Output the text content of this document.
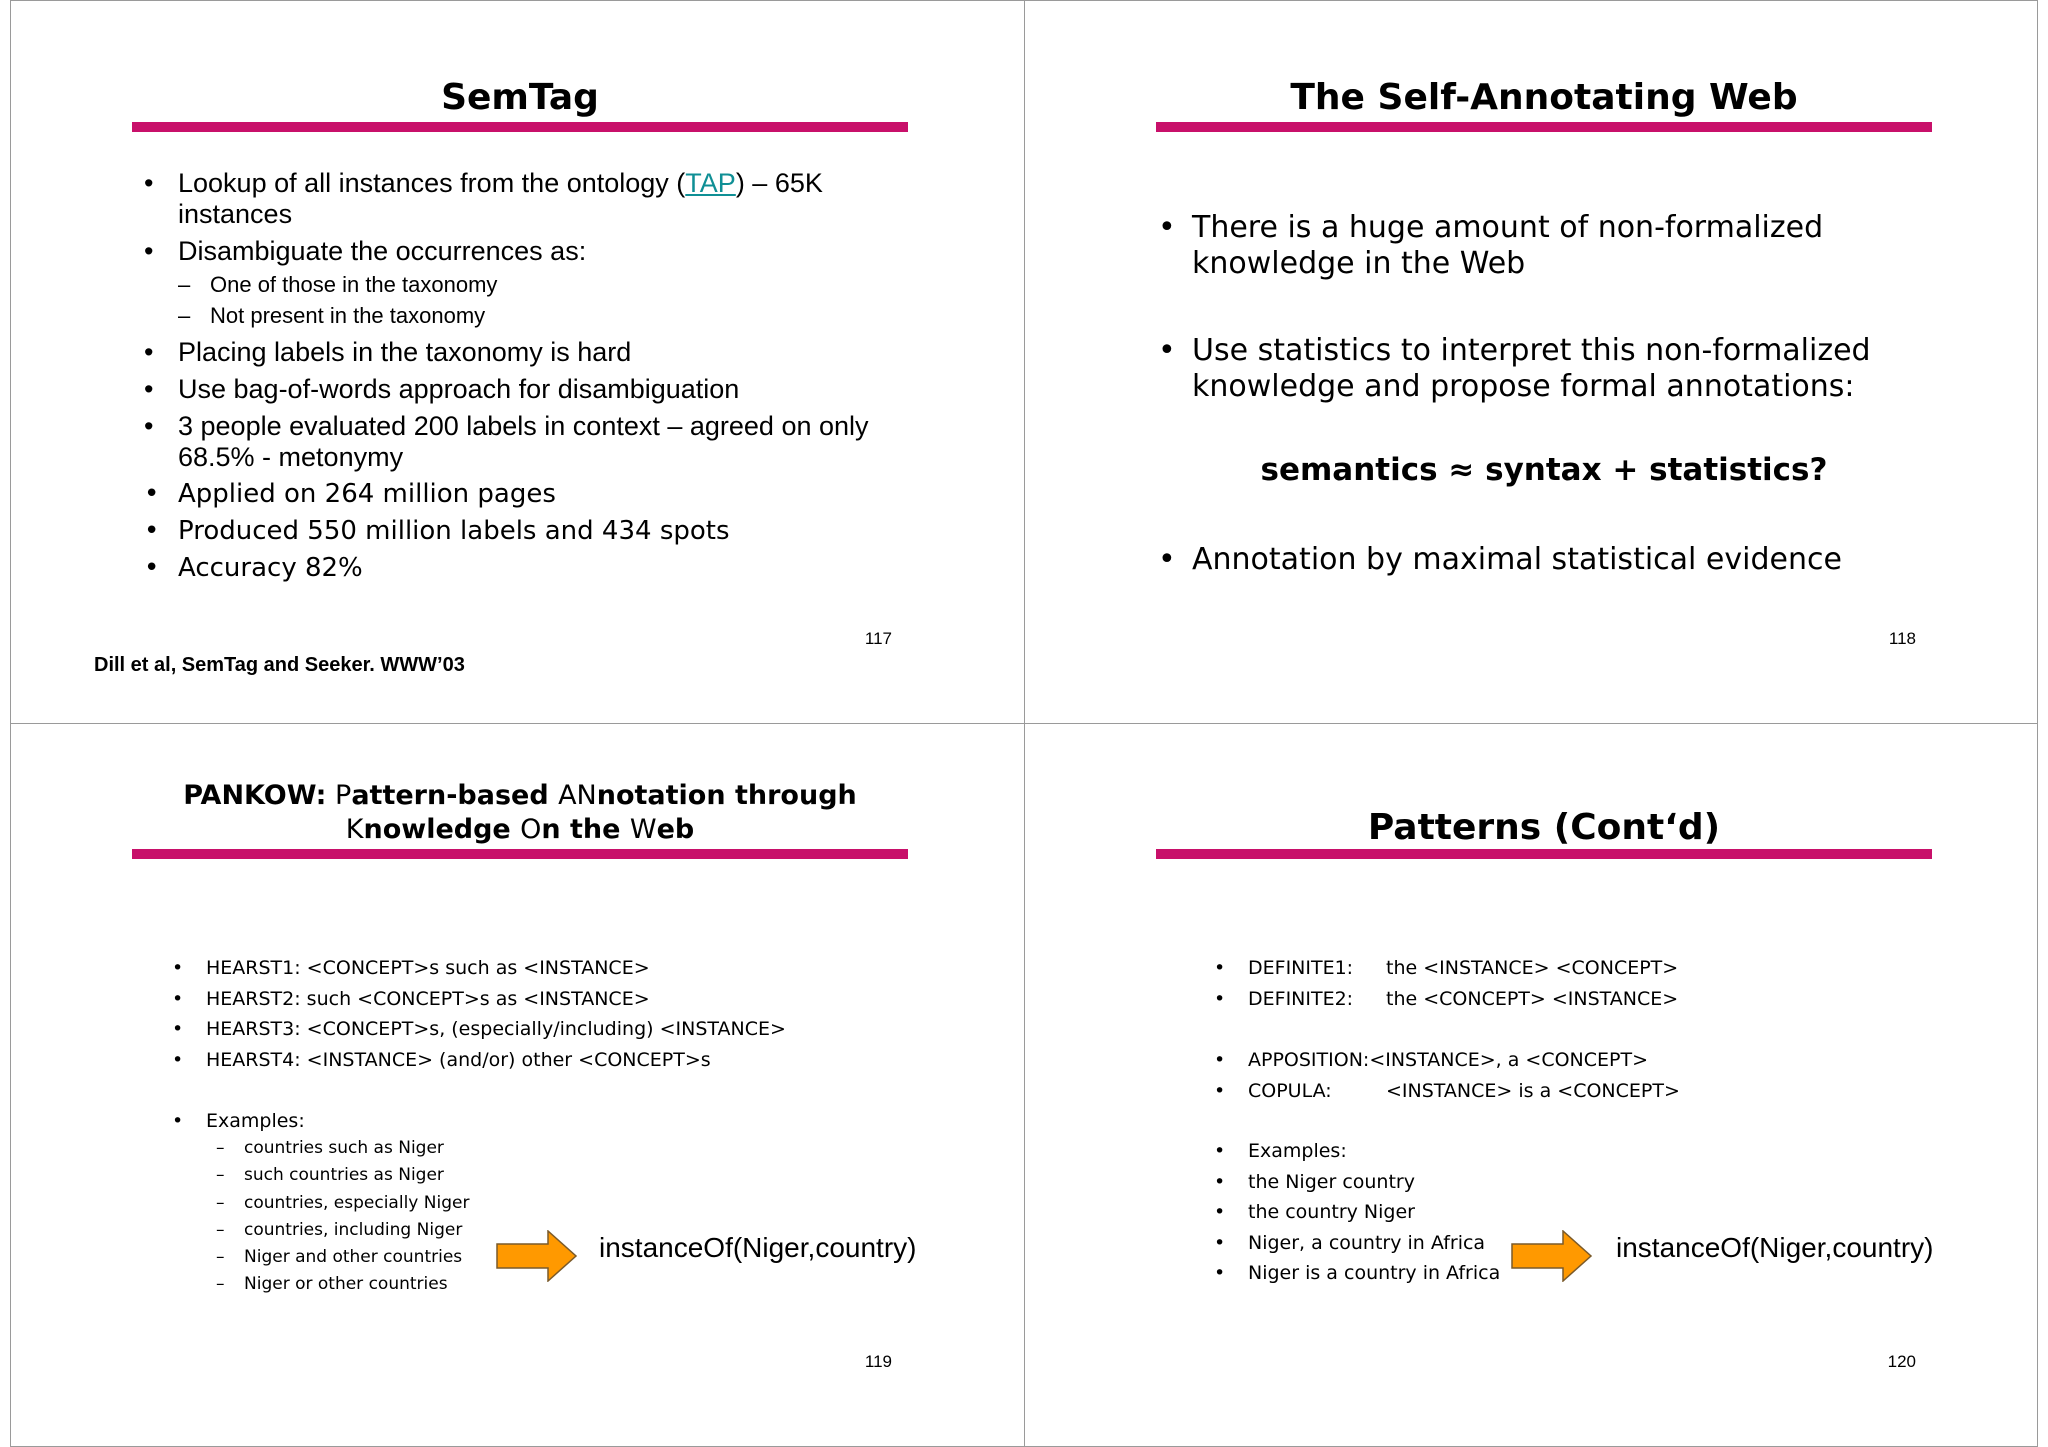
SemTag
• Lookup of all instances from the ontology (TAP) – 65K instances
• Disambiguate the occurrences as:
– One of those in the taxonomy
– Not present in the taxonomy
• Placing labels in the taxonomy is hard
• Use bag-of-words approach for disambiguation
• 3 people evaluated 200 labels in context – agreed on only 68.5% - metonymy
• Applied on 264 million pages
• Produced 550 million labels and 434 spots
• Accuracy 82%
117
Dill et al, SemTag and Seeker. WWW’03
The Self-Annotating Web
• There is a huge amount of non-formalized knowledge in the Web
• Use statistics to interpret this non-formalized knowledge and propose formal annotations:
semantics ≈ syntax + statistics?
• Annotation by maximal statistical evidence
118
PANKOW: Pattern-based ANnotation through
Knowledge On the Web
• HEARST1: <CONCEPT>s such as <INSTANCE>
• HEARST2: such <CONCEPT>s as <INSTANCE>
• HEARST3: <CONCEPT>s, (especially/including) <INSTANCE>
• HEARST4: <INSTANCE> (and/or) other <CONCEPT>s
• Examples:
– countries such as Niger
– such countries as Niger
– countries, especially Niger
– countries, including Niger
– Niger and other countries
– Niger or other countries
instanceOf(Niger,country)
119
Patterns (Cont‘d)
• DEFINITE1: the <INSTANCE> <CONCEPT>
• DEFINITE2: the <CONCEPT> <INSTANCE>
• APPOSITION:<INSTANCE>, a <CONCEPT>
• COPULA:	<INSTANCE> is a <CONCEPT>
• Examples:
• the Niger country
• the country Niger
• Niger, a country in Africa
• Niger is a country in Africa
instanceOf(Niger,country)
120
